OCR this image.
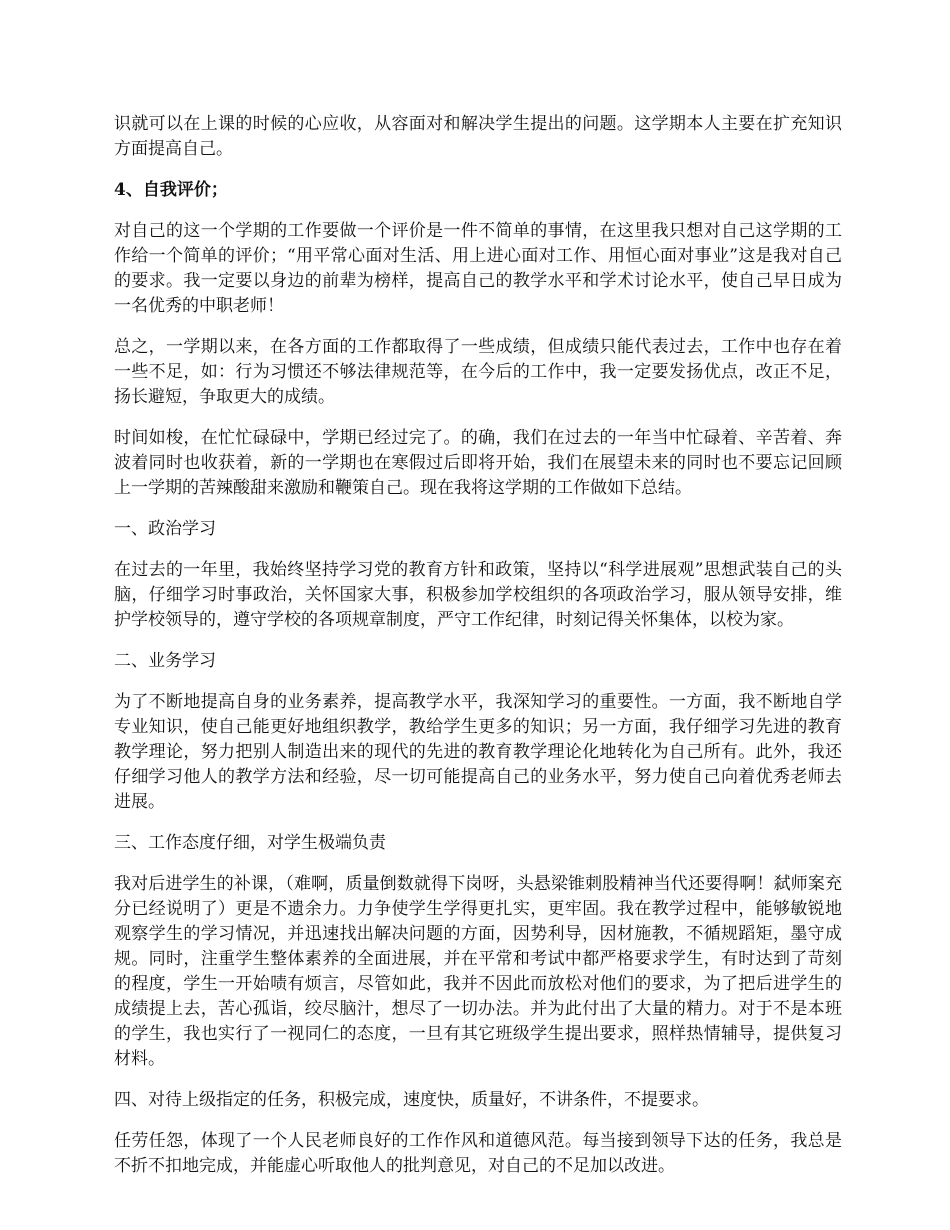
识就可以在上课的时候的心应收，从容面对和解决学生提出的问题。这学期本人主要在扩充知识方面提高自己。

4、自我评价；

对自己的这一个学期的工作要做一个评价是一件不简单的事情，在这里我只想对自己这学期的工作给一个简单的评价；“用平常心面对生活、用上进心面对工作、用恒心面对事业”这是我对自己的要求。我一定要以身边的前辈为榜样，提高自己的教学水平和学术讨论水平，使自己早日成为一名优秀的中职老师！

总之，一学期以来，在各方面的工作都取得了一些成绩，但成绩只能代表过去，工作中也存在着一些不足，如：行为习惯还不够法律规范等，在今后的工作中，我一定要发扬优点，改正不足，扬长避短，争取更大的成绩。

时间如梭，在忙忙碌碌中，学期已经过完了。的确，我们在过去的一年当中忙碌着、辛苦着、奔波着同时也收获着，新的一学期也在寒假过后即将开始，我们在展望未来的同时也不要忘记回顾上一学期的苦辣酸甜来激励和鞭策自己。现在我将这学期的工作做如下总结。

一、政治学习

在过去的一年里，我始终坚持学习党的教育方针和政策，坚持以“科学进展观”思想武装自己的头脑，仔细学习时事政治，关怀国家大事，积极参加学校组织的各项政治学习，服从领导安排，维护学校领导的，遵守学校的各项规章制度，严守工作纪律，时刻记得关怀集体，以校为家。

二、业务学习

为了不断地提高自身的业务素养，提高教学水平，我深知学习的重要性。一方面，我不断地自学专业知识，使自己能更好地组织教学，教给学生更多的知识；另一方面，我仔细学习先进的教育教学理论，努力把别人制造出来的现代的先进的教育教学理论化地转化为自己所有。此外，我还仔细学习他人的教学方法和经验，尽一切可能提高自己的业务水平，努力使自己向着优秀老师去进展。

三、工作态度仔细，对学生极端负责

我对后进学生的补课，（难啊，质量倒数就得下岗呀，头悬梁锥刺股精神当代还要得啊！弑师案充分已经说明了）更是不遗余力。力争使学生学得更扎实，更牢固。我在教学过程中，能够敏锐地观察学生的学习情况，并迅速找出解决问题的方面，因势利导，因材施教，不循规蹈矩，墨守成规。同时，注重学生整体素养的全面进展，并在平常和考试中都严格要求学生，有时达到了苛刻的程度，学生一开始啧有烦言，尽管如此，我并不因此而放松对他们的要求，为了把后进学生的成绩提上去，苦心孤诣，绞尽脑汁，想尽了一切办法。并为此付出了大量的精力。对于不是本班的学生，我也实行了一视同仁的态度，一旦有其它班级学生提出要求，照样热情辅导，提供复习材料。

四、对待上级指定的任务，积极完成，速度快，质量好，不讲条件，不提要求。

任劳任怨，体现了一个人民老师良好的工作作风和道德风范。每当接到领导下达的任务，我总是不折不扣地完成，并能虚心听取他人的批判意见，对自己的不足加以改进。
